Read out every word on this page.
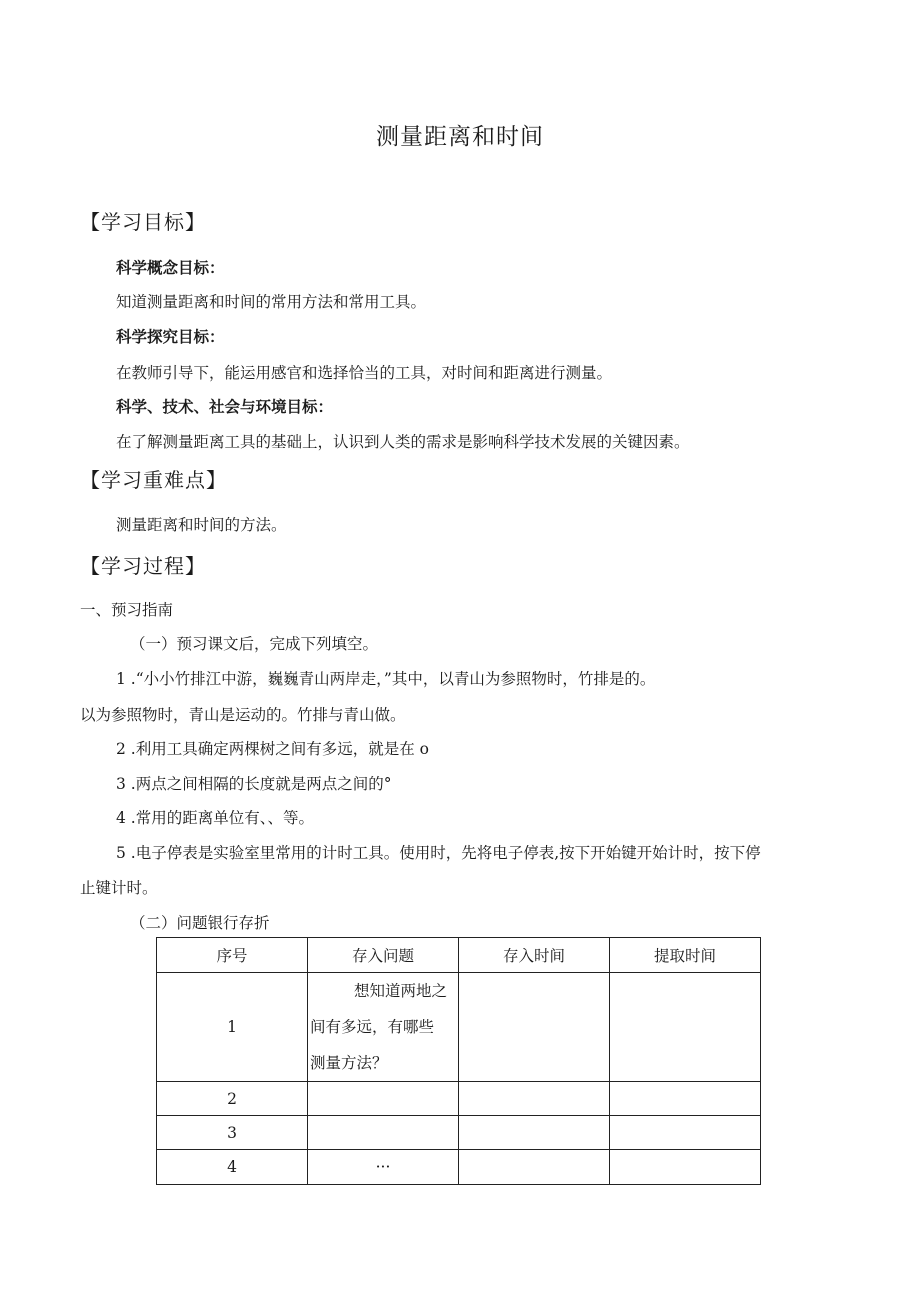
测量距离和时间
【学习目标】
科学概念目标：
知道测量距离和时间的常用方法和常用工具。
科学探究目标：
在教师引导下，能运用感官和选择恰当的工具，对时间和距离进行测量。
科学、技术、社会与环境目标：
在了解测量距离工具的基础上，认识到人类的需求是影响科学技术发展的关键因素。
【学习重难点】
测量距离和时间的方法。
【学习过程】
一、预习指南
（一）预习课文后，完成下列填空。
1 .“小小竹排江中游，巍巍青山两岸走，”其中，以青山为参照物时，竹排是的。
以为参照物时，青山是运动的。竹排与青山做。
2 .利用工具确定两棵树之间有多远，就是在 o
3 .两点之间相隔的长度就是两点之间的°
4 .常用的距离单位有、、等。
5 .电子停表是实验室里常用的计时工具。使用时，先将电子停表,按下开始键开始计时，按下停
止键计时。
（二）问题银行存折
序号	存入问题	存入时间	提取时间
1	想知道两地之
间有多远，有哪些
测量方法？		

2			
3			
4	···		
